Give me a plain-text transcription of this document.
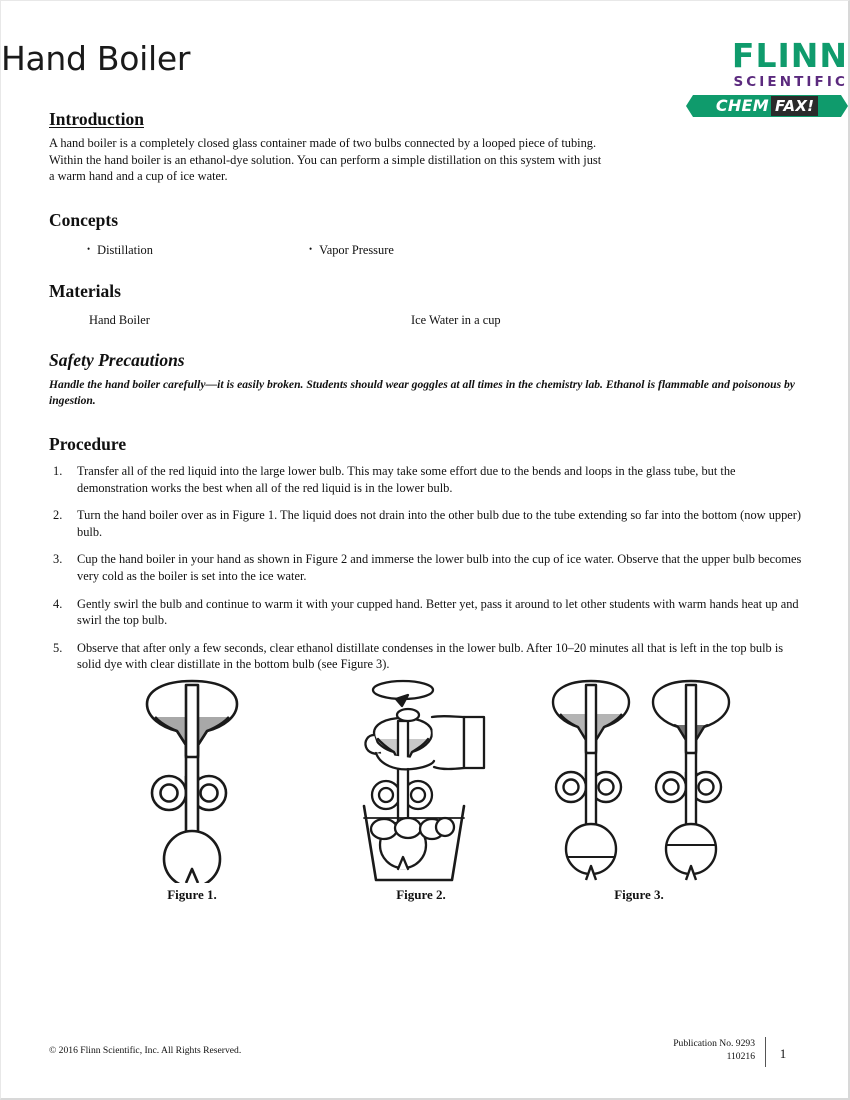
Hand Boiler	FLINN
SCIENTIFIC
CHEM FAX!
Introduction
A hand boiler is a completely closed glass container made of two bulbs connected by a looped piece of tubing. Within the hand boiler is an ethanol-dye solution. You can perform a simple distillation on this system with just a warm hand and a cup of ice water.
Concepts
• Distillation	• Vapor Pressure
Materials
Hand Boiler	Ice Water in a cup
Safety Precautions
Handle the hand boiler carefully—it is easily broken. Students should wear goggles at all times in the chemistry lab. Ethanol is flammable and poisonous by ingestion.
Procedure
1.	Transfer all of the red liquid into the large lower bulb. This may take some effort due to the bends and loops in the glass tube, but the demonstration works the best when all of the red liquid is in the lower bulb.
2.	Turn the hand boiler over as in Figure 1. The liquid does not drain into the other bulb due to the tube extending so far into the bottom (now upper) bulb.
3.	Cup the hand boiler in your hand as shown in Figure 2 and immerse the lower bulb into the cup of ice water. Observe that the upper bulb becomes very cold as the boiler is set into the ice water.
4.	Gently swirl the bulb and continue to warm it with your cupped hand. Better yet, pass it around to let other students with warm hands heat up and swirl the top bulb.
5.	Observe that after only a few seconds, clear ethanol distillate condenses in the lower bulb. After 10–20 minutes all that is left in the top bulb is solid dye with clear distillate in the bottom bulb (see Figure 3).
Figure 1.	Figure 2.	Figure 3.
© 2016 Flinn Scientific, Inc. All Rights Reserved.
Publication No. 9293
110216	1
